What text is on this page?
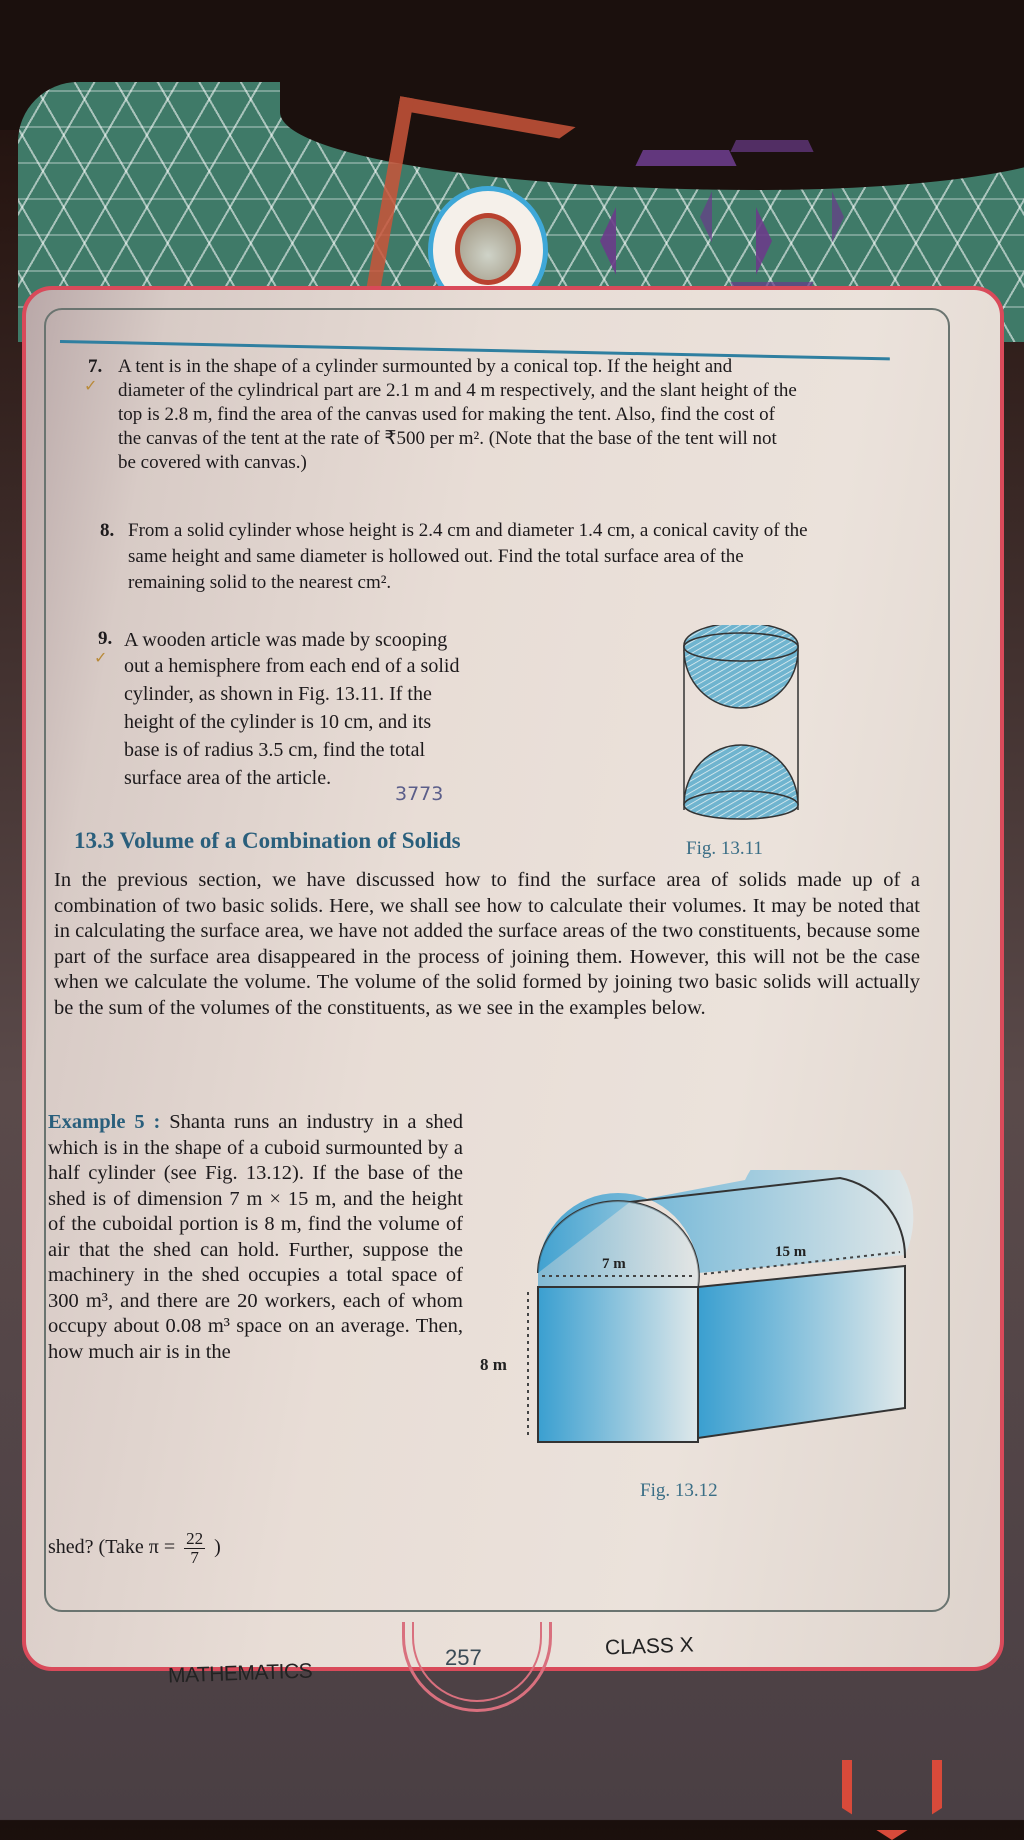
7.
✓
A tent is in the shape of a cylinder surmounted by a conical top. If the height and
diameter of the cylindrical part are 2.1 m and 4 m respectively, and the slant height of the
top is 2.8 m, find the area of the canvas used for making the tent. Also, find the cost of
the canvas of the tent at the rate of ₹500 per m². (Note that the base of the tent will not
be covered with canvas.)
8. From a solid cylinder whose height is 2.4 cm and diameter 1.4 cm, a conical cavity of the
same height and same diameter is hollowed out. Find the total surface area of the
remaining solid to the nearest cm².
9.
✓
A wooden article was made by scooping
out a hemisphere from each end of a solid
cylinder, as shown in Fig. 13.11. If the
height of the cylinder is 10 cm, and its
base is of radius 3.5 cm, find the total
surface area of the article.
3773
Fig. 13.11
13.3 Volume of a Combination of Solids
In the previous section, we have discussed how to find the surface area of solids made up of a combination of two basic solids. Here, we shall see how to calculate their volumes. It may be noted that in calculating the surface area, we have not added the surface areas of the two constituents, because some part of the surface area disappeared in the process of joining them. However, this will not be the case when we calculate the volume. The volume of the solid formed by joining two basic solids will actually be the sum of the volumes of the constituents, as we see in the examples below.
Example 5 : Shanta runs an industry in a shed which is in the shape of a cuboid surmounted by a half cylinder (see Fig. 13.12). If the base of the shed is of dimension 7 m × 15 m, and the height of the cuboidal portion is 8 m, find the volume of air that the shed can hold. Further, suppose the machinery in the shed occupies a total space of 300 m³, and there are 20 workers, each of whom occupy about 0.08 m³ space on an average. Then, how much air is in the
shed? (Take $\pi = \frac{22}{7}$ )
7 m
15 m
8 m
Fig. 13.12
MATHEMATICS
257	CLASS X
